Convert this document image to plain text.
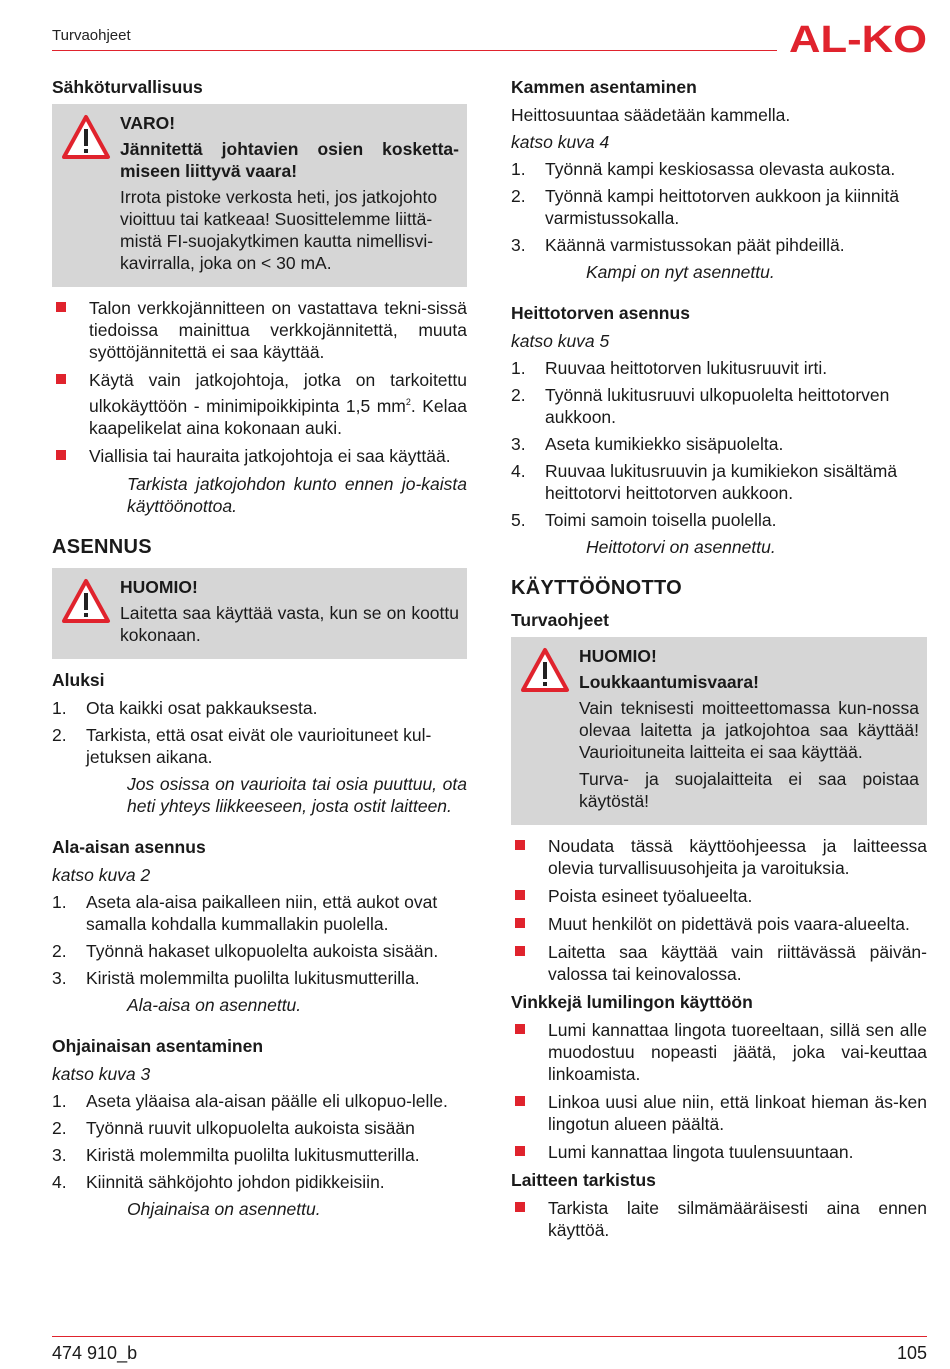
Turvaohjeet	AL-KO
Sähköturvallisuus
VARO!
Jännitettä johtavien osien kosketta-miseen liittyvä vaara!

Irrota pistoke verkosta heti, jos jatkojohto vioittuu tai katkeaa! Suosittelemme liittä-mistä FI-suojakytkimen kautta nimellisvi-kavirralla, joka on < 30 mA.

Talon verkkojännitteen on vastattava tekni-sissä tiedoissa mainittua verkkojännitettä, muuta syöttöjännitettä ei saa käyttää.
Käytä vain jatkojohtoja, jotka on tarkoitettu ulkokäyttöön - minimipoikkipinta 1,5 $mm^2$. Kelaa kaapelikelat aina kokonaan auki.
Viallisia tai hauraita jatkojohtoja ei saa käyttää.
Tarkista jatkojohdon kunto ennen jo-kaista käyttöönottoa.
ASENNUS
HUOMIO!

Laitetta saa käyttää vasta, kun se on koottu kokonaan.

Aluksi
1. Ota kaikki osat pakkauksesta.
2. Tarkista, että osat eivät ole vaurioituneet kul-jetuksen aikana.
Jos osissa on vaurioita tai osia puuttuu, ota heti yhteys liikkeeseen, josta ostit laitteen.
Ala-aisan asennus
katso kuva 2
1. Aseta ala-aisa paikalleen niin, että aukot ovat samalla kohdalla kummallakin puolella.
2. Työnnä hakaset ulkopuolelta aukoista sisään.
3. Kiristä molemmilta puolilta lukitusmutterilla.
Ala-aisa on asennettu.
Ohjainaisan asentaminen
katso kuva 3
1. Aseta yläaisa ala-aisan päälle eli ulkopuo-lelle.
2. Työnnä ruuvit ulkopuolelta aukoista sisään
3. Kiristä molemmilta puolilta lukitusmutterilla.
4. Kiinnitä sähköjohto johdon pidikkeisiin.
Ohjainaisa on asennettu.
Kammen asentaminen

Heittosuuntaa säädetään kammella.

katso kuva 4
1. Työnnä kampi keskiosassa olevasta aukosta.
2. Työnnä kampi heittotorven aukkoon ja kiinnitä varmistussokalla.
3. Käännä varmistussokan päät pihdeillä.
Kampi on nyt asennettu.
Heittotorven asennus
katso kuva 5
1. Ruuvaa heittotorven lukitusruuvit irti.
2. Työnnä lukitusruuvi ulkopuolelta heittotorven aukkoon.
3. Aseta kumikiekko sisäpuolelta.
4. Ruuvaa lukitusruuvin ja kumikiekon sisältämä heittotorvi heittotorven aukkoon.
5. Toimi samoin toisella puolella.
Heittotorvi on asennettu.
KÄYTTÖÖNOTTO
Turvaohjeet
HUOMIO!
Loukkaantumisvaara!

Vain teknisesti moitteettomassa kun-nossa olevaa laitetta ja jatkojohtoa saa käyttää! Vaurioituneita laitteita ei saa käyttää.

Turva- ja suojalaitteita ei saa poistaa käytöstä!

Noudata tässä käyttöohjeessa ja laitteessa olevia turvallisuusohjeita ja varoituksia.
Poista esineet työalueelta.
Muut henkilöt on pidettävä pois vaara-alueelta.
Laitetta saa käyttää vain riittävässä päivän-valossa tai keinovalossa.
Vinkkejä lumilingon käyttöön
Lumi kannattaa lingota tuoreeltaan, sillä sen alle muodostuu nopeasti jäätä, joka vai-keuttaa linkoamista.
Linkoa uusi alue niin, että linkoat hieman äs-ken lingotun alueen päältä.
Lumi kannattaa lingota tuulensuuntaan.
Laitteen tarkistus
Tarkista laite silmämääräisesti aina ennen käyttöä.
474 910_b	105
